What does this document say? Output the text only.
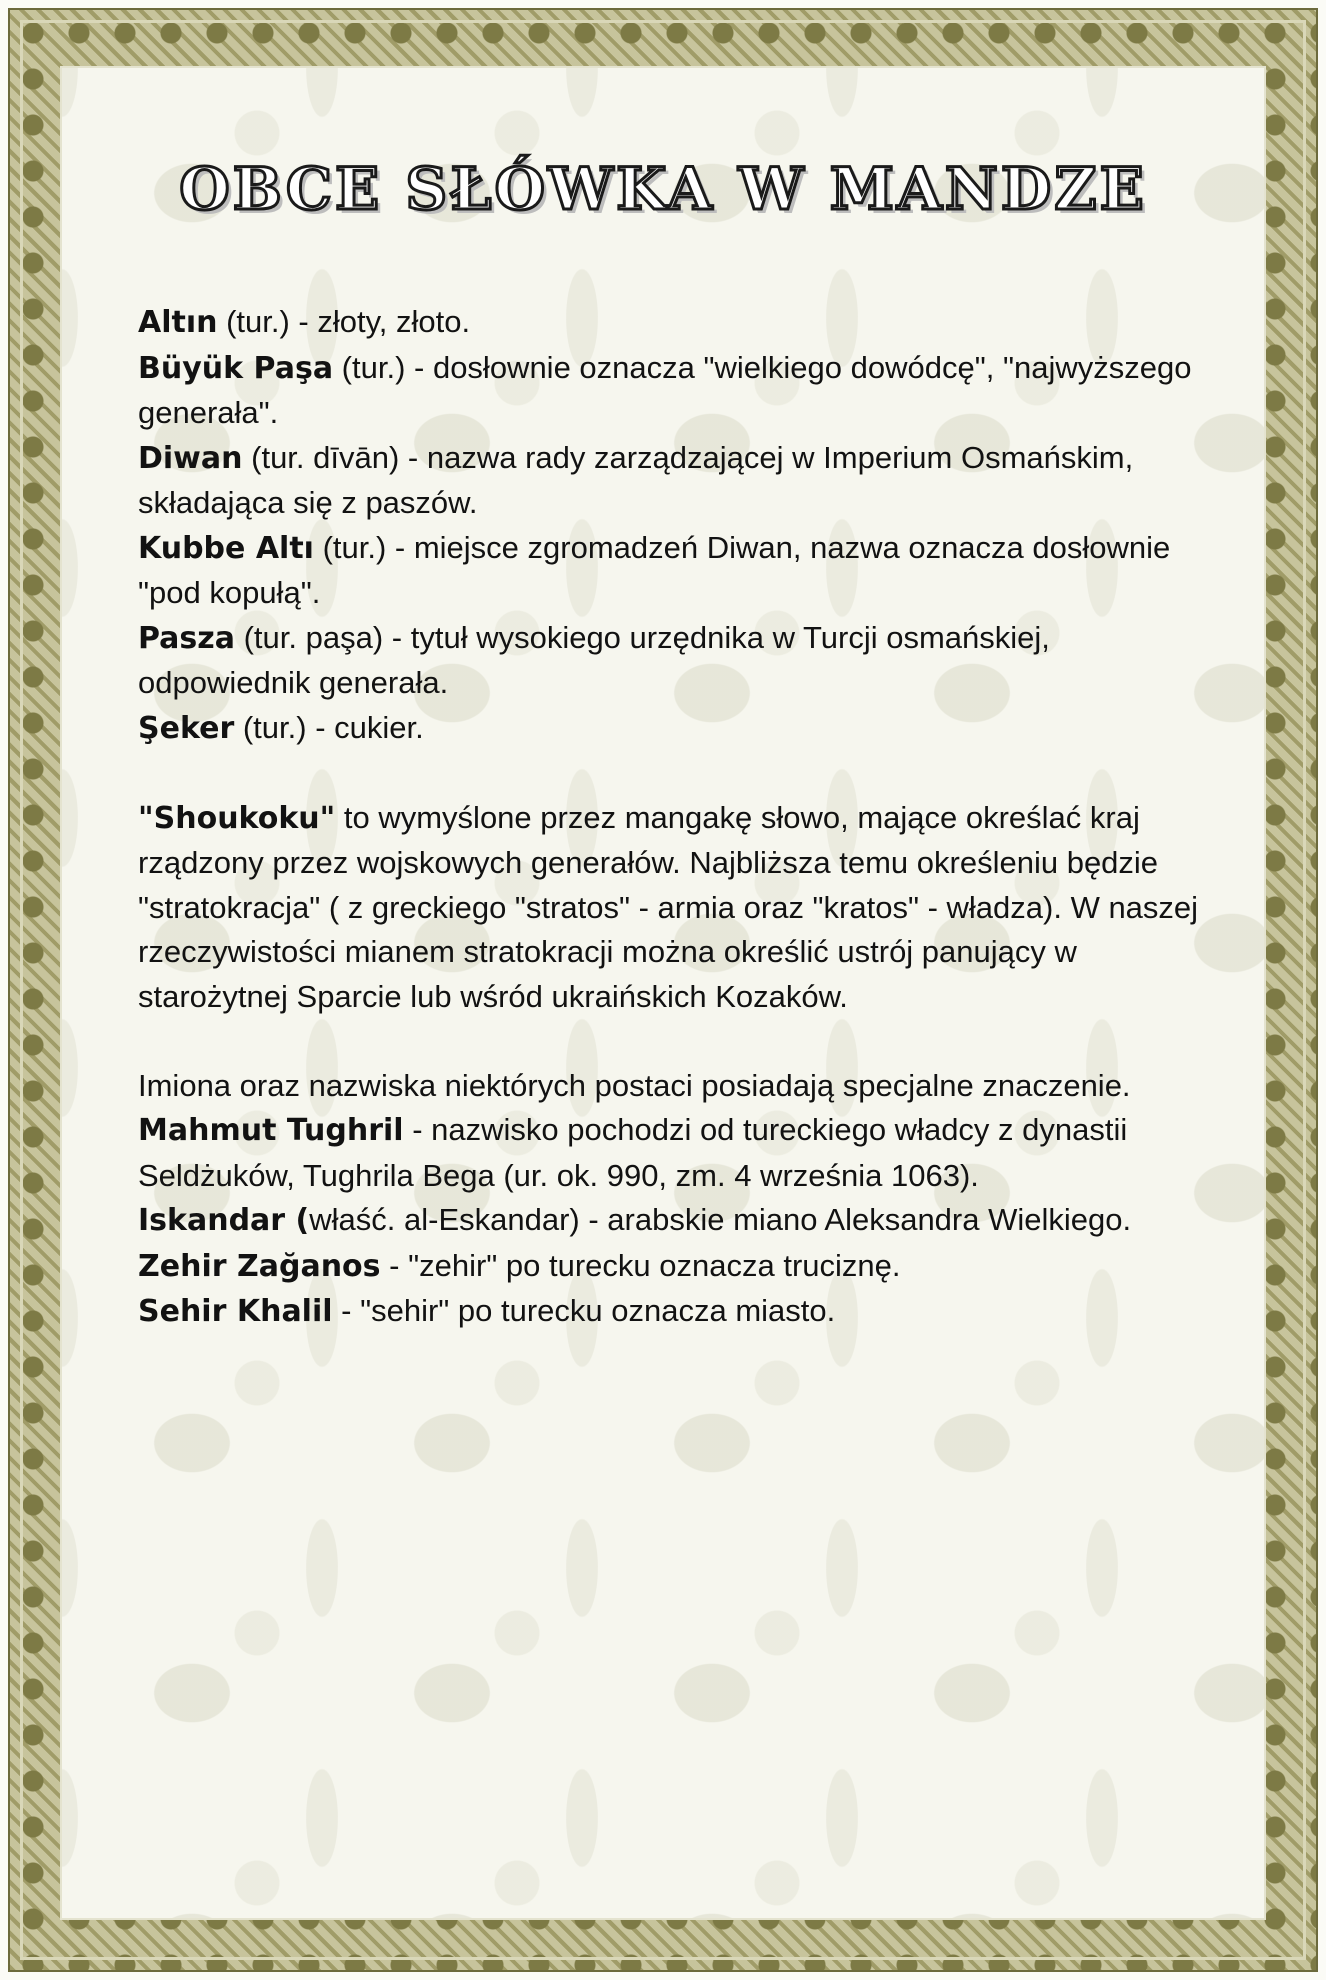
OBCE SŁÓWKA W MANDZE

Altın (tur.) - złoty, złoto.

Büyük Paşa (tur.) - dosłownie oznacza "wielkiego dowódcę", "najwyższego generała".

Diwan (tur. dīvān) - nazwa rady zarządzającej w Imperium Osmańskim, składająca się z paszów.

Kubbe Altı (tur.) - miejsce zgromadzeń Diwan, nazwa oznacza dosłownie "pod kopułą".

Pasza (tur. paşa) - tytuł wysokiego urzędnika w Turcji osmańskiej, odpowiednik generała.

Şeker (tur.) - cukier.

"Shoukoku" to wymyślone przez mangakę słowo, mające określać kraj rządzony przez wojskowych generałów. Najbliższa temu określeniu będzie "stratokracja" ( z greckiego "stratos" - armia oraz "kratos" - władza). W naszej rzeczywistości mianem stratokracji można określić ustrój panujący w starożytnej Sparcie lub wśród ukraińskich Kozaków.

Imiona oraz nazwiska niektórych postaci posiadają specjalne znaczenie.

Mahmut Tughril - nazwisko pochodzi od tureckiego władcy z dynastii Seldżuków, Tughrila Bega (ur. ok. 990, zm. 4 września 1063).

Iskandar (właść. al-Eskandar) - arabskie miano Aleksandra Wielkiego.

Zehir Zağanos - "zehir" po turecku oznacza truciznę.

Sehir Khalil - "sehir" po turecku oznacza miasto.
